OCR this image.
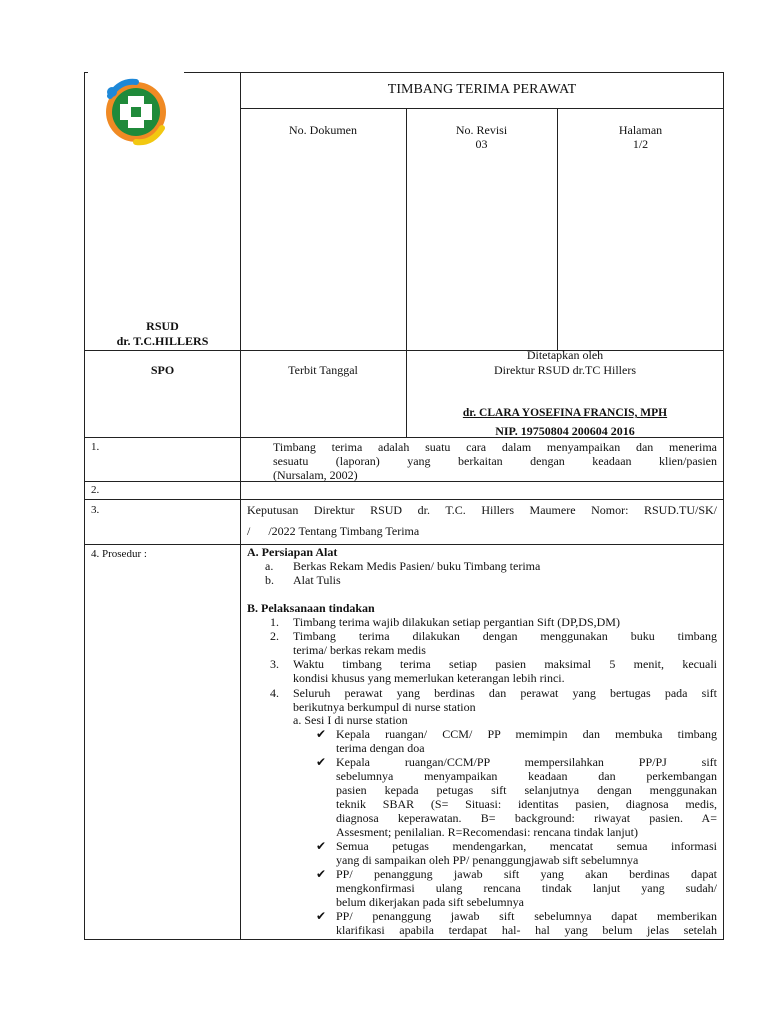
RSUD
dr. T.C.HILLERS
TIMBANG TERIMA PERAWAT
No. Dokumen	No. Revisi
03
Halaman
1/2
SPO	Terbit Tanggal
Ditetapkan oleh
Direktur RSUD dr.TC Hillers
dr. CLARA YOSEFINA FRANCIS, MPH
NIP. 19750804 200604 2016
1.
2.
3.
4. Prosedur :
Timbang terima adalah suatu cara dalam menyampaikan dan menerima
sesuatu (laporan) yang berkaitan dengan keadaan klien/pasien
(Nursalam, 2002)
Keputusan Direktur RSUD dr. T.C. Hillers Maumere Nomor: RSUD.TU/SK/
/      /2022 Tentang Timbang Terima
A. Persiapan Alat
a. Berkas Rekam Medis Pasien/ buku Timbang terima
b. Alat Tulis
B. Pelaksanaan tindakan
1. Timbang terima wajib dilakukan setiap pergantian Sift (DP,DS,DM)
2. Timbang terima dilakukan dengan menggunakan buku timbang
terima/ berkas rekam medis
3. Waktu timbang terima setiap pasien maksimal 5 menit, kecuali
kondisi khusus yang memerlukan keterangan lebih rinci.
4. Seluruh perawat yang berdinas dan perawat yang bertugas pada sift
berikutnya berkumpul di nurse station
a. Sesi I di nurse station
✔ Kepala ruangan/ CCM/ PP memimpin dan membuka timbang
terima dengan doa
✔ Kepala ruangan/CCM/PP mempersilahkan PP/PJ sift
sebelumnya menyampaikan keadaan dan perkembangan
pasien kepada petugas sift selanjutnya dengan menggunakan
teknik SBAR (S= Situasi: identitas pasien, diagnosa medis,
diagnosa keperawatan. B= background: riwayat pasien. A=
Assesment; penilalian. R=Recomendasi: rencana tindak lanjut)
✔ Semua petugas mendengarkan, mencatat semua informasi
yang di sampaikan oleh PP/ penanggungjawab sift sebelumnya
✔ PP/ penanggung jawab sift yang akan berdinas dapat
mengkonfirmasi ulang rencana tindak lanjut yang sudah/
belum dikerjakan pada sift sebelumnya
✔ PP/ penanggung jawab sift sebelumnya dapat memberikan
klarifikasi apabila terdapat hal- hal yang belum jelas setelah
